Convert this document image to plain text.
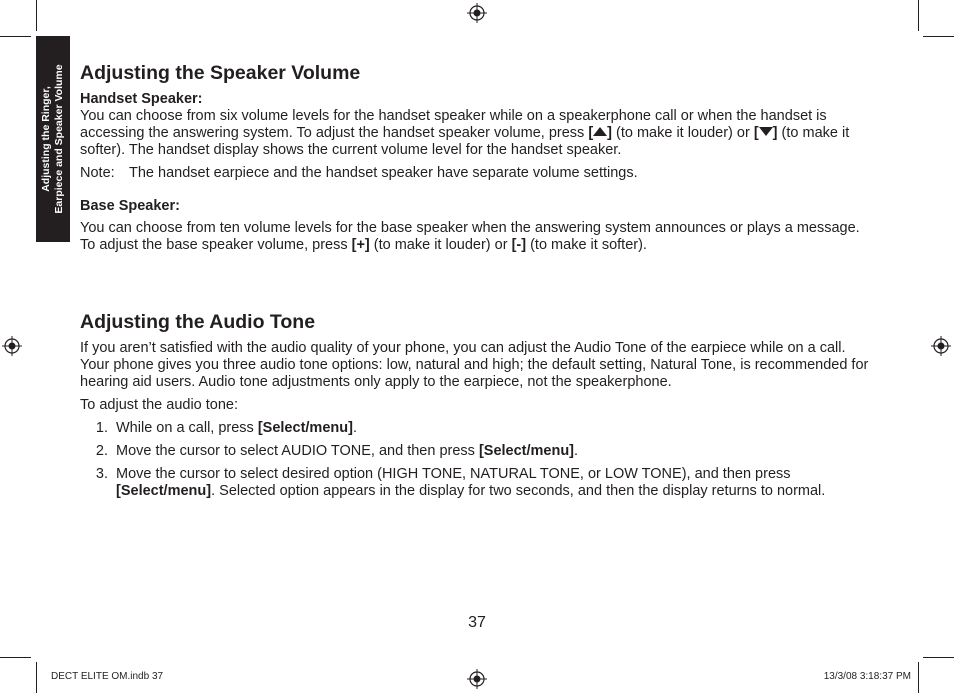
Adjusting the Ringer, Earpiece and Speaker Volume Adjusting the Speaker Volume

Handset Speaker:

You can choose from six volume levels for the handset speaker while on a speakerphone call or when the handset is accessing the answering system. To adjust the handset speaker volume, press [ ] (to make it louder) or [ ] (to make it softer). The handset display shows the current volume level for the handset speaker.

Note: The handset earpiece and the handset speaker have separate volume settings.

Base Speaker:

You can choose from ten volume levels for the base speaker when the answering system announces or plays a message. To adjust the base speaker volume, press [+] (to make it louder) or [-] (to make it softer).

Adjusting the Audio Tone

If you aren’t satisfied with the audio quality of your phone, you can adjust the Audio Tone of the earpiece while on a call. Your phone gives you three audio tone options: low, natural and high; the default setting, Natural Tone, is recommended for hearing aid users. Audio tone adjustments only apply to the earpiece, not the speakerphone.

To adjust the audio tone:

1. While on a call, press [Select/menu].
2. Move the cursor to select AUDIO TONE, and then press [Select/menu].
3. Move the cursor to select desired option (HIGH TONE, NATURAL TONE, or LOW TONE), and then press [Select/menu]. Selected option appears in the display for two seconds, and then the display returns to normal.
37
DECT ELITE OM.indb 37	13/3/08 3:18:37 PM
